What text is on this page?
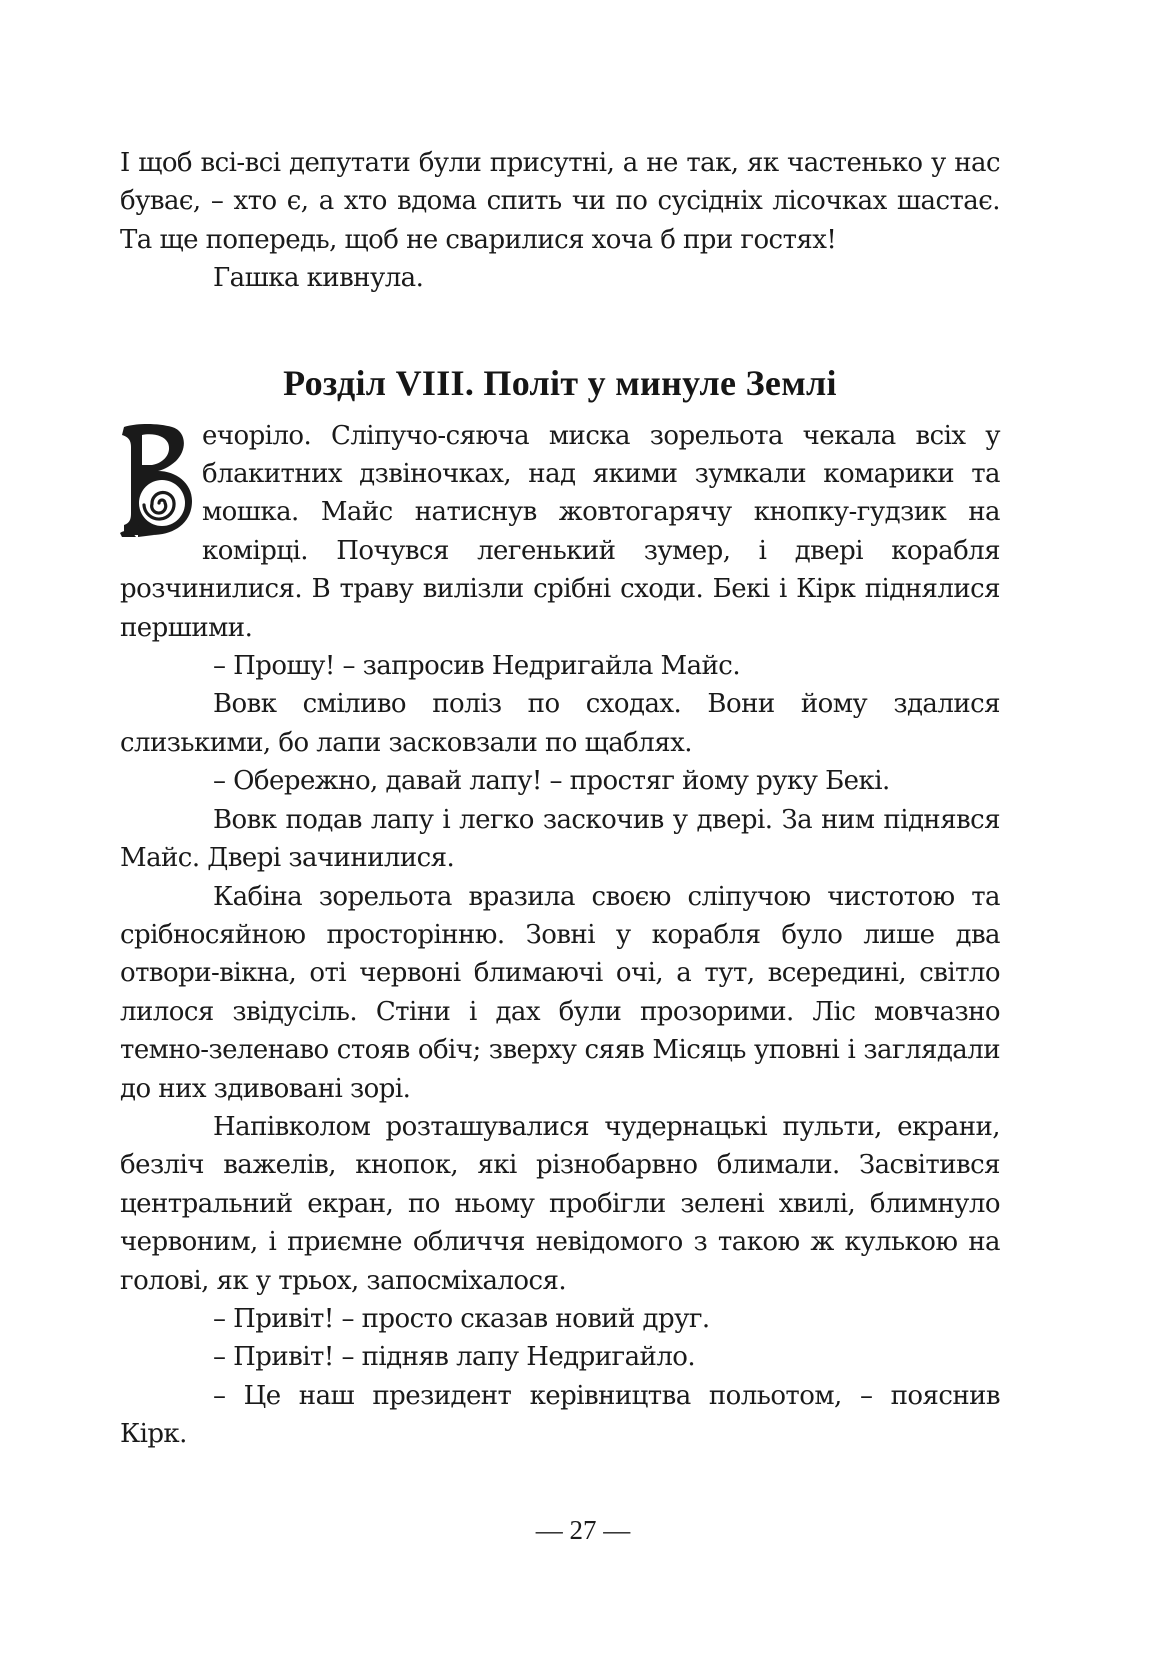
І щоб всі-всі депутати були присутні, а не так, як частенько у нас буває, – хто є, а хто вдома спить чи по сусідніх лісочках шастає. Та ще попередь, щоб не сварилися хоча б при гостях!

Гашка кивнула.

Розділ VIII. Політ у минуле Землі

ечоріло. Сліпучо-сяюча миска зорельота чекала всіх у блакитних дзвіночках, над якими зумкали комарики та мошка. Майс натиснув жовтогарячу кнопку-гудзик на комірці. Почувся легенький зумер, і двері корабля розчинилися. В траву вилізли срібні сходи. Бекі і Кірк піднялися першими.

– Прошу! – запросив Недригайла Майс.

Вовк сміливо поліз по сходах. Вони йому здалися слизькими, бо лапи засковзали по щаблях.

– Обережно, давай лапу! – простяг йому руку Бекі.

Вовк подав лапу і легко заскочив у двері. За ним піднявся Майс. Двері зачинилися.

Кабіна зорельота вразила своєю сліпучою чистотою та срібносяйною просторінню. Зовні у корабля було лише два отвори-вікна, оті червоні блимаючі очі, а тут, всередині, світло лилося звідусіль. Стіни і дах були прозорими. Ліс мовчазно темно-зеленаво стояв обіч; зверху сяяв Місяць уповні і заглядали до них здивовані зорі.

Напівколом розташувалися чудернацькі пульти, екрани, безліч важелів, кнопок, які різнобарвно блимали. Засвітився центральний екран, по ньому пробігли зелені хвилі, блимнуло червоним, і приємне обличчя невідомого з такою ж кулькою на голові, як у трьох, запосміхалося.

– Привіт! – просто сказав новий друг.

– Привіт! – підняв лапу Недригайло.

– Це наш президент керівництва польотом, – пояснив Кірк.

— 27 —
